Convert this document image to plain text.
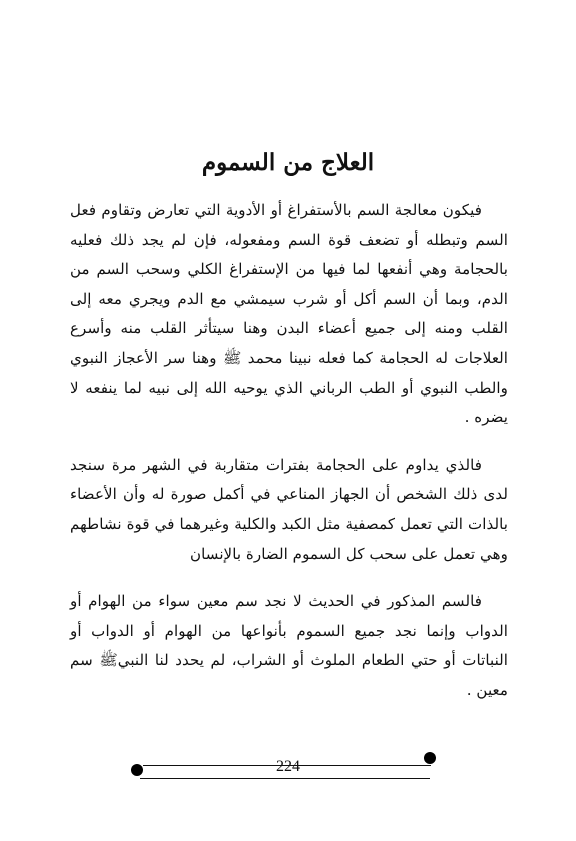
العلاج من السموم

فيكون معالجة السم بالأستفراغ أو الأدوية التي تعارض وتقاوم فعل السم وتبطله أو تضعف قوة السم ومفعوله، فإن لم يجد ذلك فعليه بالحجامة وهي أنفعها لما فيها من الإستفراغ الكلي وسحب السم من الدم، وبما أن السم أكل أو شرب سيمشي مع الدم ويجري معه إلى القلب ومنه إلى جميع أعضاء البدن وهنا سيتأثر القلب منه وأسرع العلاجات له الحجامة كما فعله نبينا محمد ﷺ وهنا سر الأعجاز النبوي والطب النبوي أو الطب الرباني الذي يوحيه الله إلى نبيه لما ينفعه لا يضره .

فالذي يداوم على الحجامة بفترات متقاربة في الشهر مرة سنجد لدى ذلك الشخص أن الجهاز المناعي في أكمل صورة له وأن الأعضاء بالذات التي تعمل كمصفية مثل الكبد والكلية وغيرهما في قوة نشاطهم وهي تعمل على سحب كل السموم الضارة بالإنسان

فالسم المذكور في الحديث لا نجد سم معين سواء من الهوام أو الدواب وإنما نجد جميع السموم بأنواعها من الهوام أو الدواب أو النباتات أو حتي الطعام الملوث أو الشراب، لم يحدد لنا النبيﷺ سم معين .

224
